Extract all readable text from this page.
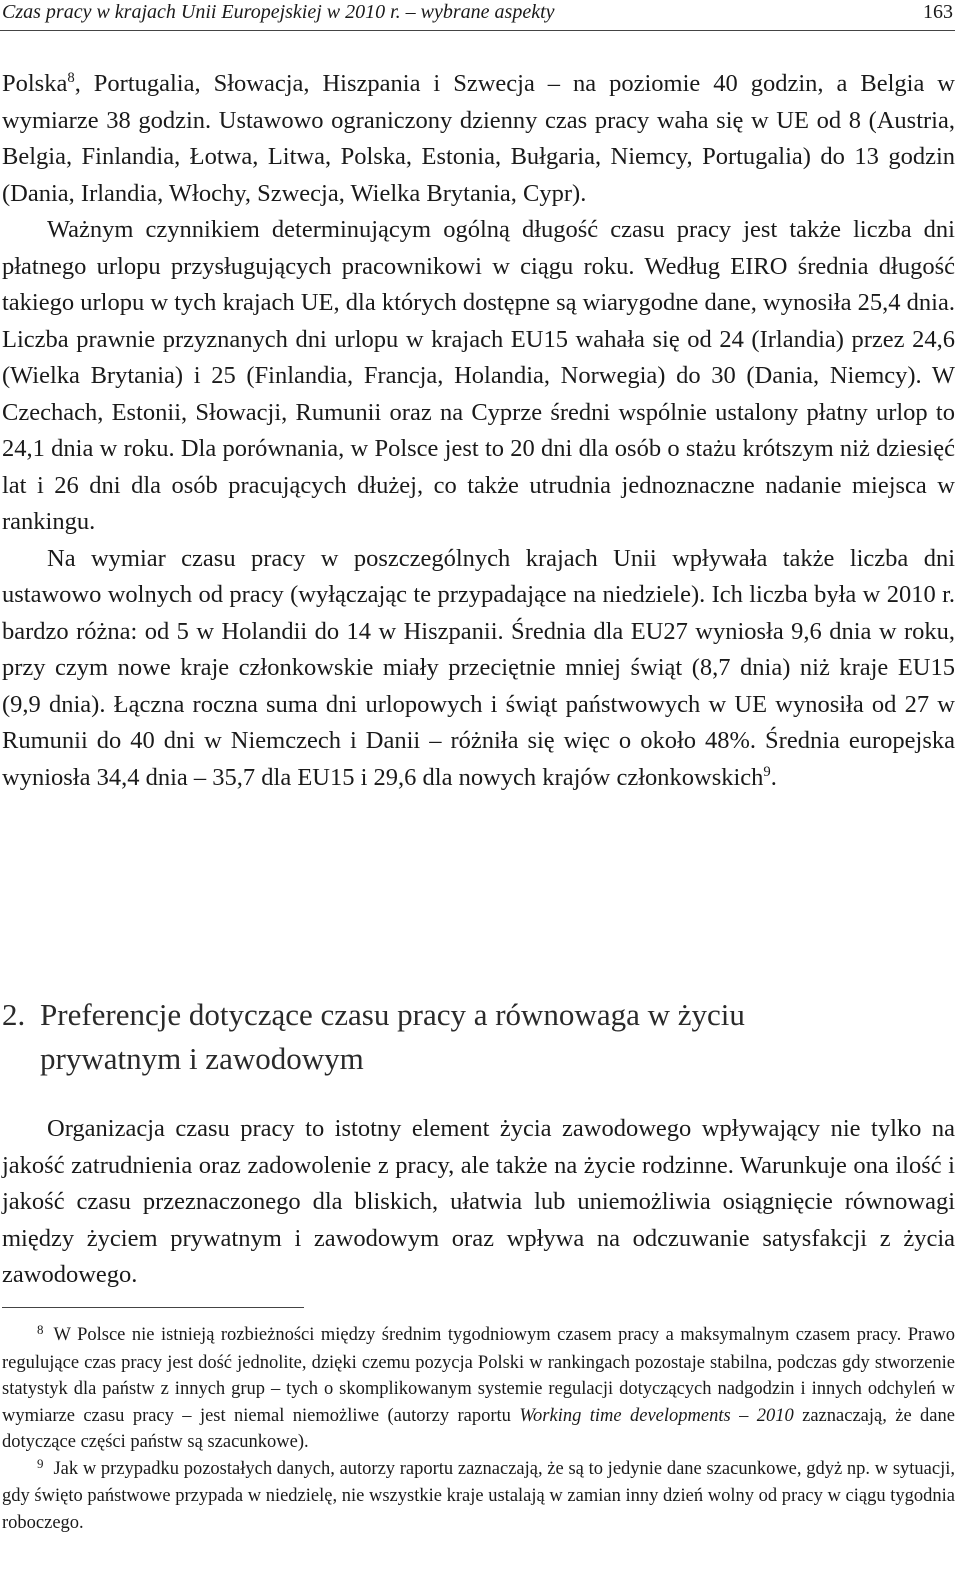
Czas pracy w krajach Unii Europejskiej w 2010 r. – wybrane aspekty	163

Polska$^8$, Portugalia, Słowacja, Hiszpania i Szwecja – na poziomie 40 godzin, a Belgia w wymiarze 38 godzin. Ustawowo ograniczony dzienny czas pracy waha się w UE od 8 (Austria, Belgia, Finlandia, Łotwa, Litwa, Polska, Estonia, Bułgaria, Niemcy, Portugalia) do 13 godzin (Dania, Irlandia, Włochy, Szwecja, Wielka Brytania, Cypr).

Ważnym czynnikiem determinującym ogólną długość czasu pracy jest także liczba dni płatnego urlopu przysługujących pracownikowi w ciągu roku. Według EIRO średnia długość takiego urlopu w tych krajach UE, dla których dostępne są wiarygodne dane, wynosiła 25,4 dnia. Liczba prawnie przyznanych dni urlopu w krajach EU15 wahała się od 24 (Irlandia) przez 24,6 (Wielka Brytania) i 25 (Finlandia, Francja, Holandia, Norwegia) do 30 (Dania, Niemcy). W Czechach, Estonii, Słowacji, Rumunii oraz na Cyprze średni wspólnie ustalony płatny urlop to 24,1 dnia w roku. Dla porównania, w Polsce jest to 20 dni dla osób o stażu krótszym niż dziesięć lat i 26 dni dla osób pracujących dłużej, co także utrudnia jednoznaczne nadanie miejsca w rankingu.

Na wymiar czasu pracy w poszczególnych krajach Unii wpływała także liczba dni ustawowo wolnych od pracy (wyłączając te przypadające na niedziele). Ich liczba była w 2010 r. bardzo różna: od 5 w Holandii do 14 w Hiszpanii. Średnia dla EU27 wyniosła 9,6 dnia w roku, przy czym nowe kraje członkowskie miały przeciętnie mniej świąt (8,7 dnia) niż kraje EU15 (9,9 dnia). Łączna roczna suma dni urlopowych i świąt państwowych w UE wynosiła od 27 w Rumunii do 40 dni w Niemczech i Danii – różniła się więc o około 48%. Średnia europejska wyniosła 34,4 dnia – 35,7 dla EU15 i 29,6 dla nowych krajów członkowskich$^9$.

2. Preferencje dotyczące czasu pracy a równowaga w życiu prywatnym i zawodowym

Organizacja czasu pracy to istotny element życia zawodowego wpływający nie tylko na jakość zatrudnienia oraz zadowolenie z pracy, ale także na życie rodzinne. Warunkuje ona ilość i jakość czasu przeznaczonego dla bliskich, ułatwia lub uniemożliwia osiągnięcie równowagi między życiem prywatnym i zawodowym oraz wpływa na odczuwanie satysfakcji z życia zawodowego.

$^8$ W Polsce nie istnieją rozbieżności między średnim tygodniowym czasem pracy a maksymalnym czasem pracy. Prawo regulujące czas pracy jest dość jednolite, dzięki czemu pozycja Polski w rankingach pozostaje stabilna, podczas gdy stworzenie statystyk dla państw z innych grup – tych o skomplikowanym systemie regulacji dotyczących nadgodzin i innych odchyleń w wymiarze czasu pracy – jest niemal niemożliwe (autorzy raportu Working time developments – 2010 zaznaczają, że dane dotyczące części państw są szacunkowe).

$^9$ Jak w przypadku pozostałych danych, autorzy raportu zaznaczają, że są to jedynie dane szacunkowe, gdyż np. w sytuacji, gdy święto państwowe przypada w niedzielę, nie wszystkie kraje ustalają w zamian inny dzień wolny od pracy w ciągu tygodnia roboczego.
